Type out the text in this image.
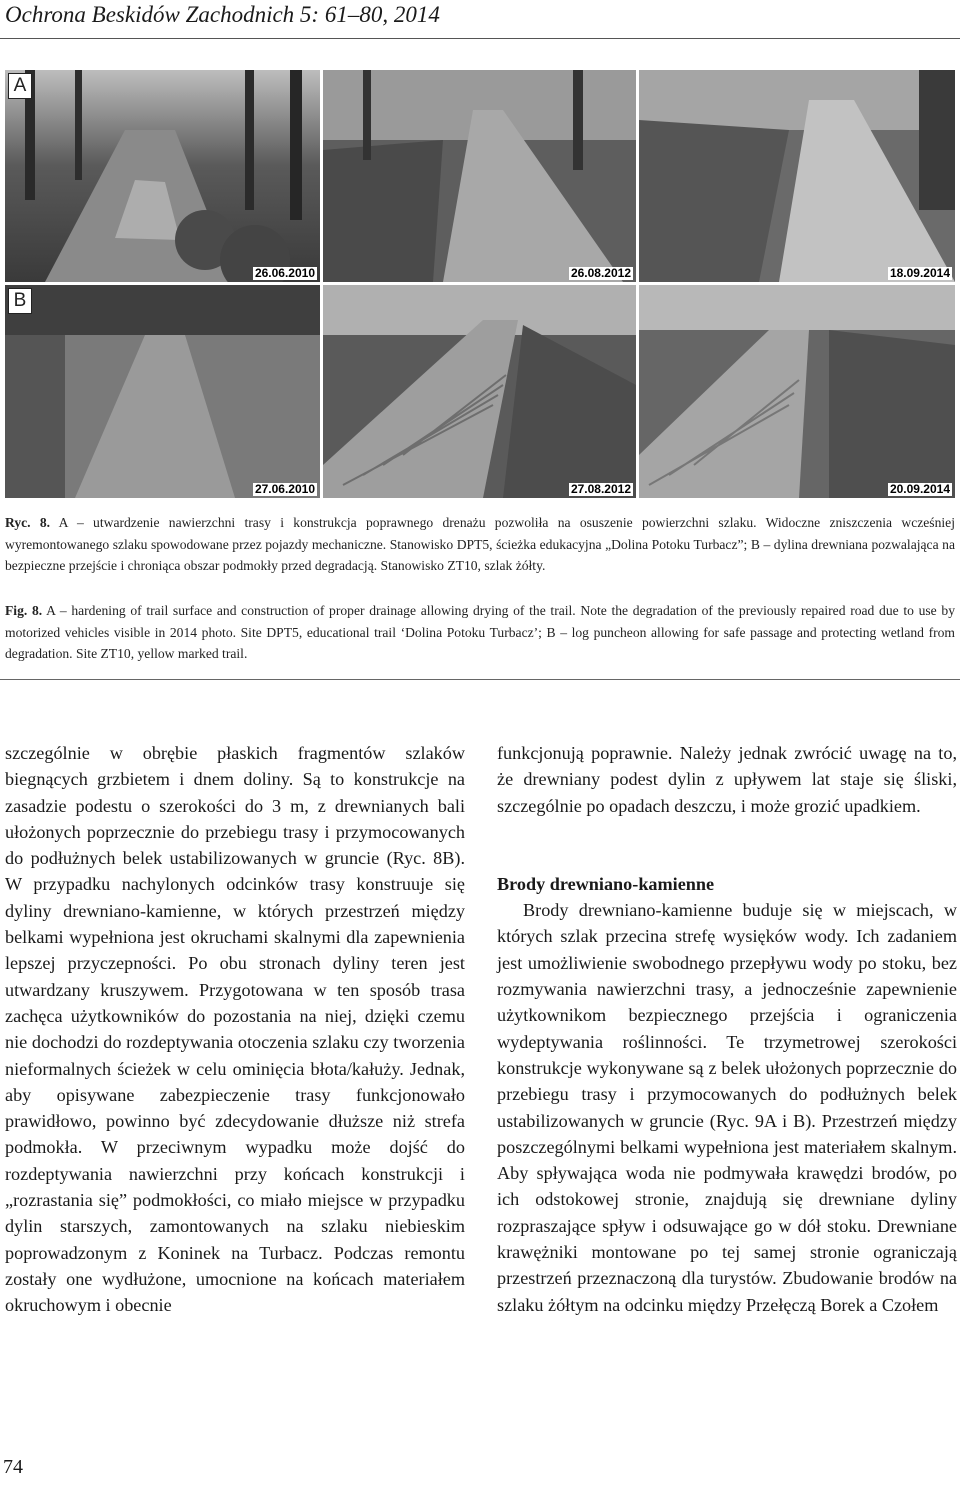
Ochrona Beskidów Zachodnich 5: 61–80, 2014
A
26.06.2010	26.08.2012	18.09.2014
B
27.06.2010	27.08.2012	20.09.2014
Ryc. 8. A – utwardzenie nawierzchni trasy i konstrukcja poprawnego drenażu pozwoliła na osuszenie powierzchni szlaku. Widoczne zniszczenia wcześniej wyremontowanego szlaku spowodowane przez pojazdy mechaniczne. Stanowisko DPT5, ścieżka edukacyjna „Dolina Potoku Turbacz”; B – dylina drewniana pozwalająca na bezpieczne przejście i chroniąca obszar podmokły przed degradacją. Stanowisko ZT10, szlak żółty.
Fig. 8. A – hardening of trail surface and construction of proper drainage allowing drying of the trail. Note the degradation of the previously repaired road due to use by motorized vehicles visible in 2014 photo. Site DPT5, educational trail ‘Dolina Potoku Turbacz’; B – log puncheon allowing for safe passage and protecting wetland from degradation. Site ZT10, yellow marked trail.

szczególnie w obrębie płaskich fragmentów szlaków biegnących grzbietem i dnem doliny. Są to konstrukcje na zasadzie podestu o szerokości do 3 m, z drewnianych bali ułożonych poprzecznie do przebiegu trasy i przymocowanych do podłużnych belek ustabilizowanych w gruncie (Ryc. 8B). W przypadku nachylonych odcinków trasy konstruuje się dyliny drewniano-kamienne, w których przestrzeń między belkami wypełniona jest okruchami skalnymi dla zapewnienia lepszej przyczepności. Po obu stronach dyliny teren jest utwardzany kruszywem. Przygotowana w ten sposób trasa zachęca użytkowników do pozostania na niej, dzięki czemu nie dochodzi do rozdeptywania otoczenia szlaku czy tworzenia nieformalnych ścieżek w celu ominięcia błota/kałuży. Jednak, aby opisywane zabezpieczenie trasy funkcjonowało prawidłowo, powinno być zdecydowanie dłuższe niż strefa podmokła. W przeciwnym wypadku może dojść do rozdeptywania nawierzchni przy końcach konstrukcji i „rozrastania się” podmokłości, co miało miejsce w przypadku dylin starszych, zamontowanych na szlaku niebieskim poprowadzonym z Koninek na Turbacz. Podczas remontu zostały one wydłużone, umocnione na końcach materiałem okruchowym i obecnie

funkcjonują poprawnie. Należy jednak zwrócić uwagę na to, że drewniany podest dylin z upływem lat staje się śliski, szczególnie po opadach deszczu, i może grozić upadkiem.

Brody drewniano-kamienne

Brody drewniano-kamienne buduje się w miejscach, w których szlak przecina strefę wysięków wody. Ich zadaniem jest umożliwienie swobodnego przepływu wody po stoku, bez rozmywania nawierzchni trasy, a jednocześnie zapewnienie użytkownikom bezpiecznego przejścia i ograniczenia wydeptywania roślinności. Te trzymetrowej szerokości konstrukcje wykonywane są z belek ułożonych poprzecznie do przebiegu trasy i przymocowanych do podłużnych belek ustabilizowanych w gruncie (Ryc. 9A i B). Przestrzeń między poszczególnymi belkami wypełniona jest materiałem skalnym. Aby spływająca woda nie podmywała krawędzi brodów, po ich odstokowej stronie, znajdują się drewniane dyliny rozpraszające spływ i odsuwające go w dół stoku. Drewniane krawężniki montowane po tej samej stronie ograniczają przestrzeń przeznaczoną dla turystów. Zbudowanie brodów na szlaku żółtym na odcinku między Przełęczą Borek a Czołem

74
